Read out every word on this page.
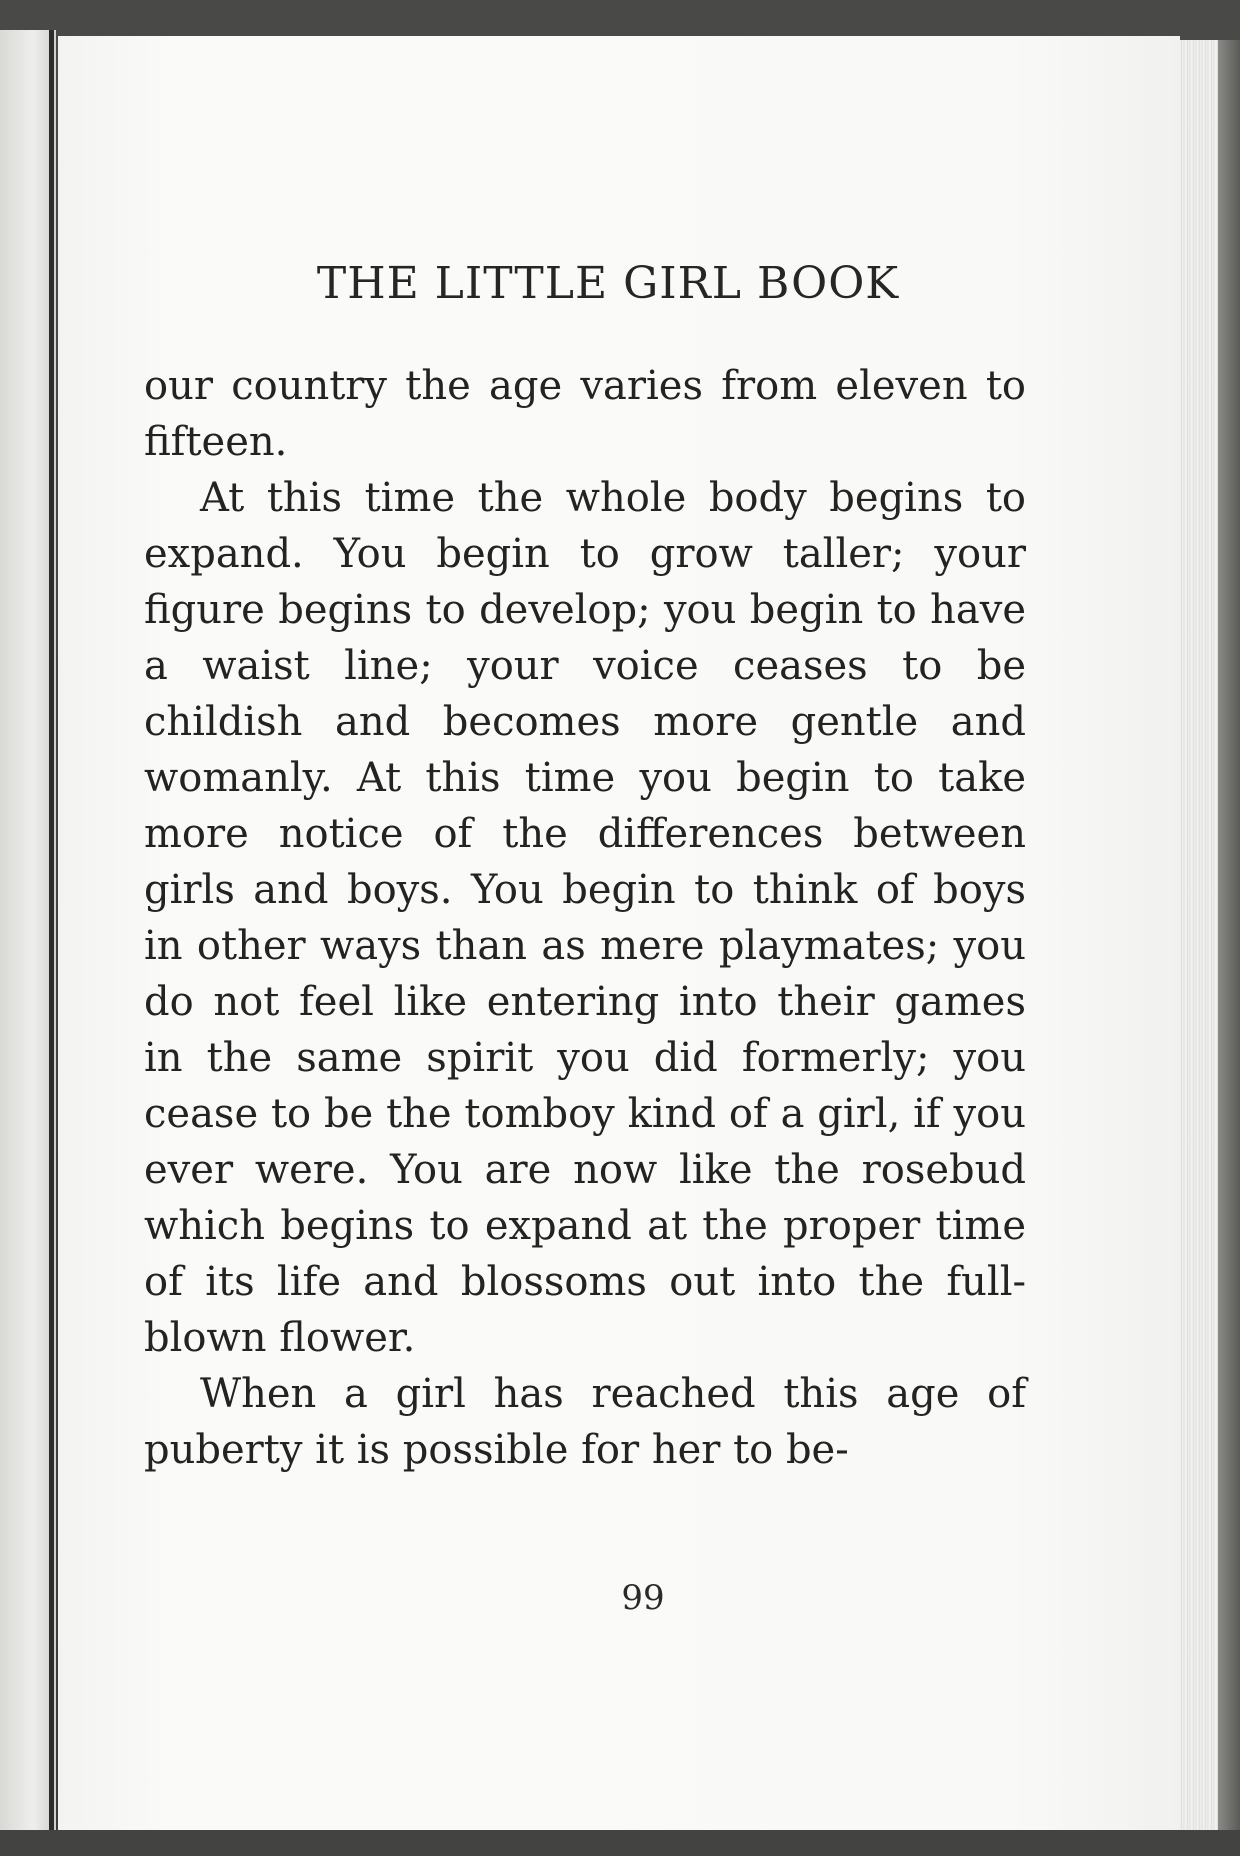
THE LITTLE GIRL BOOK

our country the age varies from eleven to fifteen.

At this time the whole body begins to expand. You begin to grow taller; your figure begins to develop; you begin to have a waist line; your voice ceases to be childish and becomes more gentle and womanly. At this time you begin to take more notice of the differences between girls and boys. You begin to think of boys in other ways than as mere playmates; you do not feel like entering into their games in the same spirit you did formerly; you cease to be the tomboy kind of a girl, if you ever were. You are now like the rosebud which begins to expand at the proper time of its life and blossoms out into the full-blown flower.

When a girl has reached this age of puberty it is possible for her to be-

99
